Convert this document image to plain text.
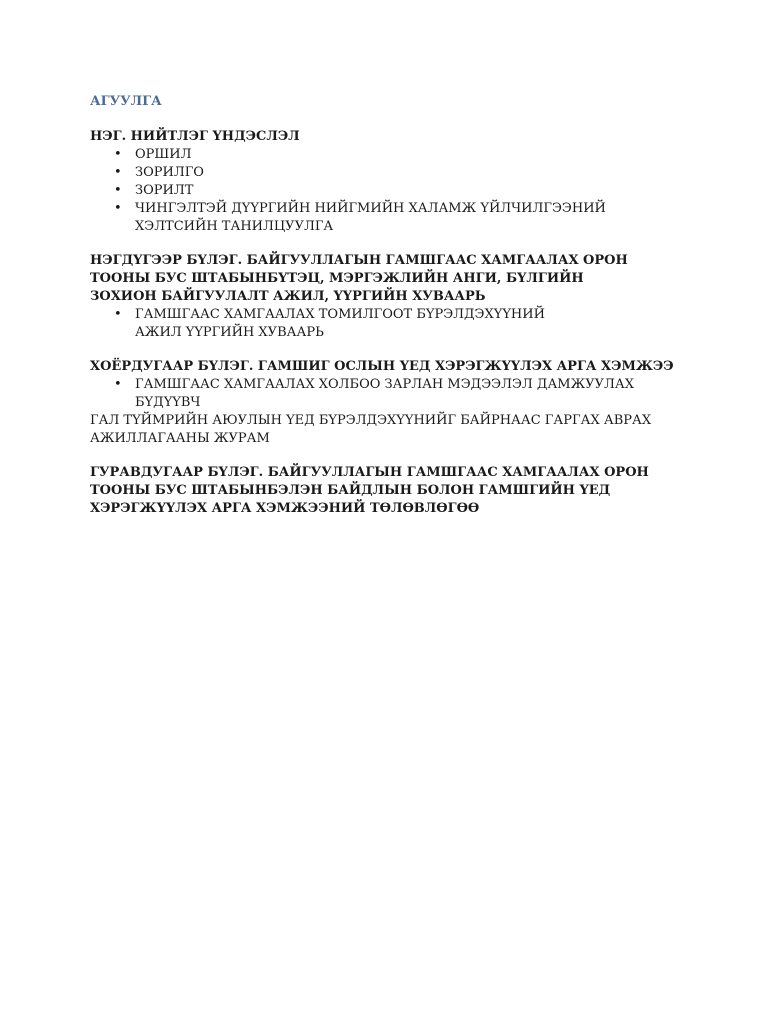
АГУУЛГА
НЭГ. НИЙТЛЭГ ҮНДЭСЛЭЛ
• ОРШИЛ
• ЗОРИЛГО
• ЗОРИЛТ
• ЧИНГЭЛТЭЙ ДҮҮРГИЙН НИЙГМИЙН ХАЛАМЖ ҮЙЛЧИЛГЭЭНИЙ
ХЭЛТСИЙН ТАНИЛЦУУЛГА
НЭГДҮГЭЭР БҮЛЭГ. БАЙГУУЛЛАГЫН ГАМШГААС ХАМГААЛАХ ОРОН
ТООНЫ БУС ШТАБЫНБҮТЭЦ, МЭРГЭЖЛИЙН АНГИ, БҮЛГИЙН
ЗОХИОН БАЙГУУЛАЛТ АЖИЛ, ҮҮРГИЙН ХУВААРЬ
• ГАМШГААС ХАМГААЛАХ ТОМИЛГООТ БҮРЭЛДЭХҮҮНИЙ
АЖИЛ ҮҮРГИЙН ХУВААРЬ
ХОЁРДУГААР БҮЛЭГ. ГАМШИГ ОСЛЫН ҮЕД ХЭРЭГЖҮҮЛЭХ АРГА ХЭМЖЭЭ
• ГАМШГААС ХАМГААЛАХ ХОЛБОО ЗАРЛАН МЭДЭЭЛЭЛ ДАМЖУУЛАХ
БҮДҮҮВЧ
ГАЛ ТҮЙМРИЙН АЮУЛЫН ҮЕД БҮРЭЛДЭХҮҮНИЙГ БАЙРНААС ГАРГАХ АВРАХ
АЖИЛЛАГААНЫ ЖУРАМ
ГУРАВДУГААР БҮЛЭГ. БАЙГУУЛЛАГЫН ГАМШГААС ХАМГААЛАХ ОРОН
ТООНЫ БУС ШТАБЫНБЭЛЭН БАЙДЛЫН БОЛОН ГАМШГИЙН ҮЕД
ХЭРЭГЖҮҮЛЭХ АРГА ХЭМЖЭЭНИЙ ТӨЛӨВЛӨГӨӨ
